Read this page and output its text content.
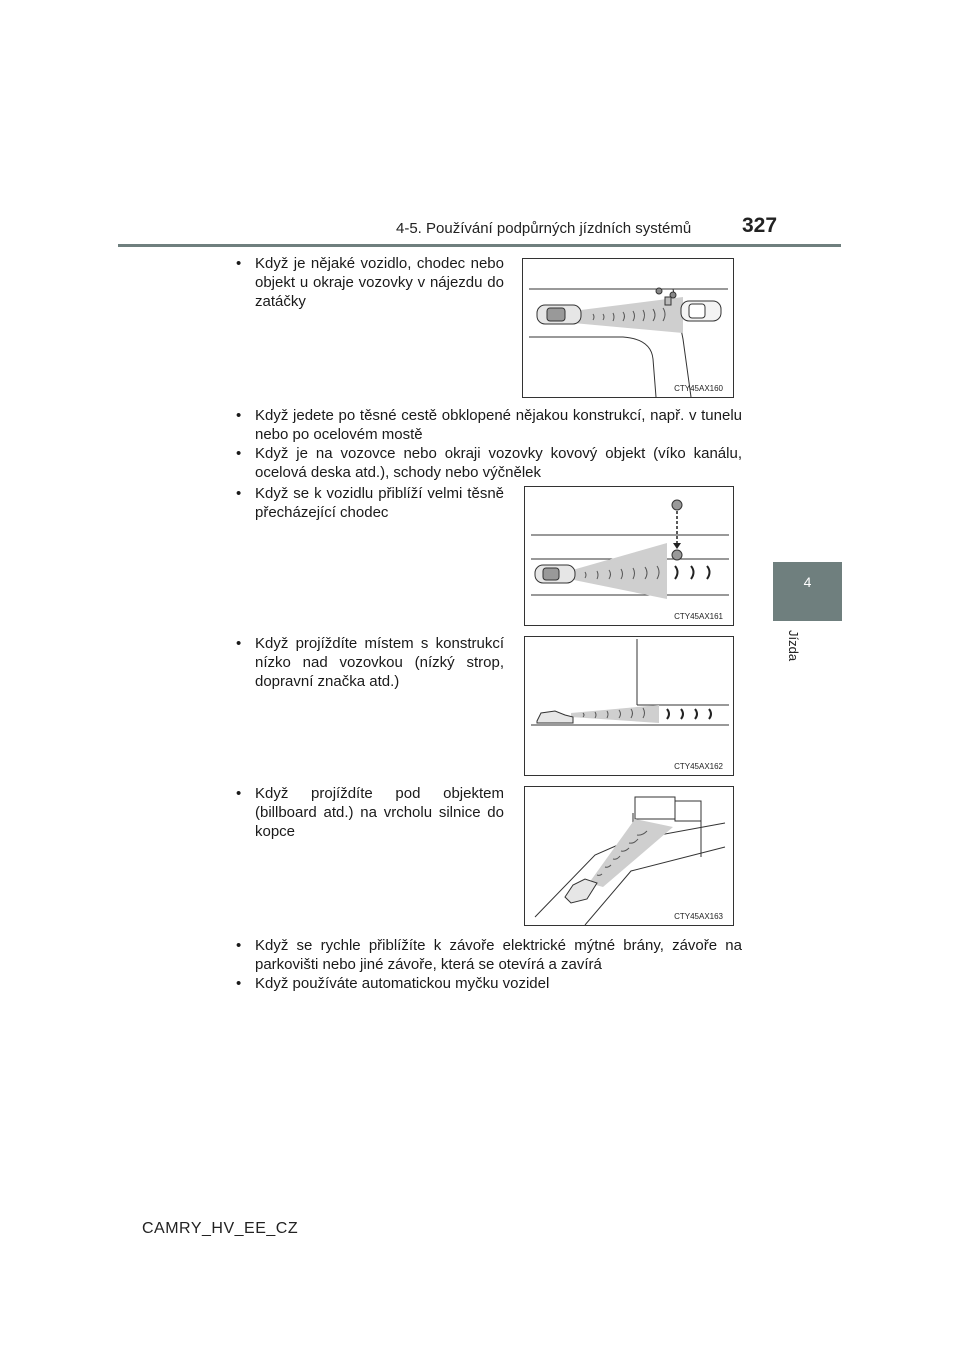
4-5. Používání podpůrných jízdních systémů 327
4
Jízda
• Když je nějaké vozidlo, chodec nebo objekt u okraje vozovky v nájezdu do zatáčky
CTY45AX160
• Když jedete po těsné cestě obklopené nějakou konstrukcí, např. v tunelu nebo po ocelovém mostě
• Když je na vozovce nebo okraji vozovky kovový objekt (víko kanálu, ocelová deska atd.), schody nebo výčnělek
• Když se k vozidlu přiblíží velmi těsně přecházející chodec
CTY45AX161
• Když projíždíte místem s konstrukcí nízko nad vozovkou (nízký strop, dopravní značka atd.)
CTY45AX162
• Když projíždíte pod objektem (billboard atd.) na vrcholu silnice do kopce
CTY45AX163
• Když se rychle přiblížíte k závoře elektrické mýtné brány, závoře na parkovišti nebo jiné závoře, která se otevírá a zavírá
• Když používáte automatickou myčku vozidel
CAMRY_HV_EE_CZ
